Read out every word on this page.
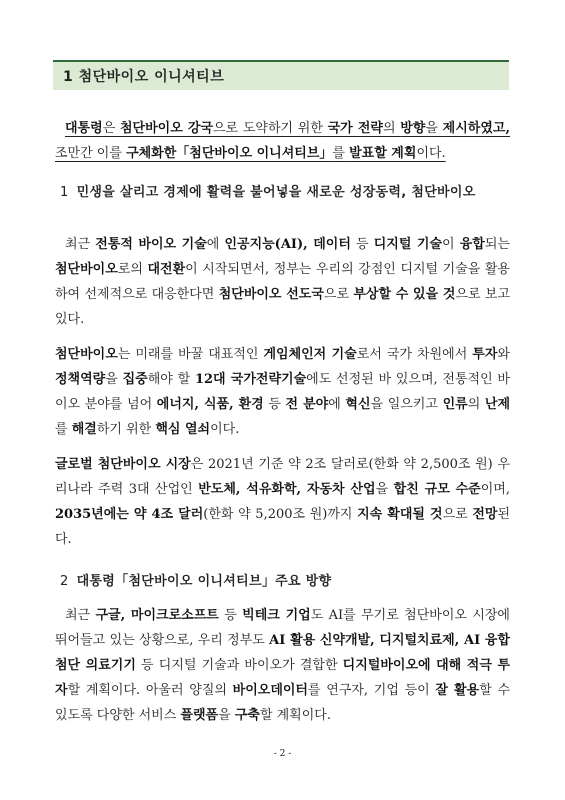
1 첨단바이오 이니셔티브
대통령은 첨단바이오 강국으로 도약하기 위한 국가 전략의 방향을 제시하였고, 조만간 이를 구체화한「첨단바이오 이니셔티브」를 발표할 계획이다.
1 민생을 살리고 경제에 활력을 불어넣을 새로운 성장동력, 첨단바이오
최근 전통적 바이오 기술에 인공지능(AI), 데이터 등 디지털 기술이 융합되는 첨단바이오로의 대전환이 시작되면서, 정부는 우리의 강점인 디지털 기술을 활용하여 선제적으로 대응한다면 첨단바이오 선도국으로 부상할 수 있을 것으로 보고 있다.
첨단바이오는 미래를 바꿀 대표적인 게임체인저 기술로서 국가 차원에서 투자와 정책역량을 집중해야 할 12대 국가전략기술에도 선정된 바 있으며, 전통적인 바이오 분야를 넘어 에너지, 식품, 환경 등 전 분야에 혁신을 일으키고 인류의 난제를 해결하기 위한 핵심 열쇠이다.
글로벌 첨단바이오 시장은 2021년 기준 약 2조 달러로(한화 약 2,500조 원) 우리나라 주력 3대 산업인 반도체, 석유화학, 자동차 산업을 합친 규모 수준이며, 2035년에는 약 4조 달러(한화 약 5,200조 원)까지 지속 확대될 것으로 전망된다.
2 대통령「첨단바이오 이니셔티브」주요 방향
최근 구글, 마이크로소프트 등 빅테크 기업도 AI를 무기로 첨단바이오 시장에 뛰어들고 있는 상황으로, 우리 정부도 AI 활용 신약개발, 디지털치료제, AI 융합 첨단 의료기기 등 디지털 기술과 바이오가 결합한 디지털바이오에 대해 적극 투자할 계획이다. 아울러 양질의 바이오데이터를 연구자, 기업 등이 잘 활용할 수 있도록 다양한 서비스 플랫폼을 구축할 계획이다.
- 2 -
